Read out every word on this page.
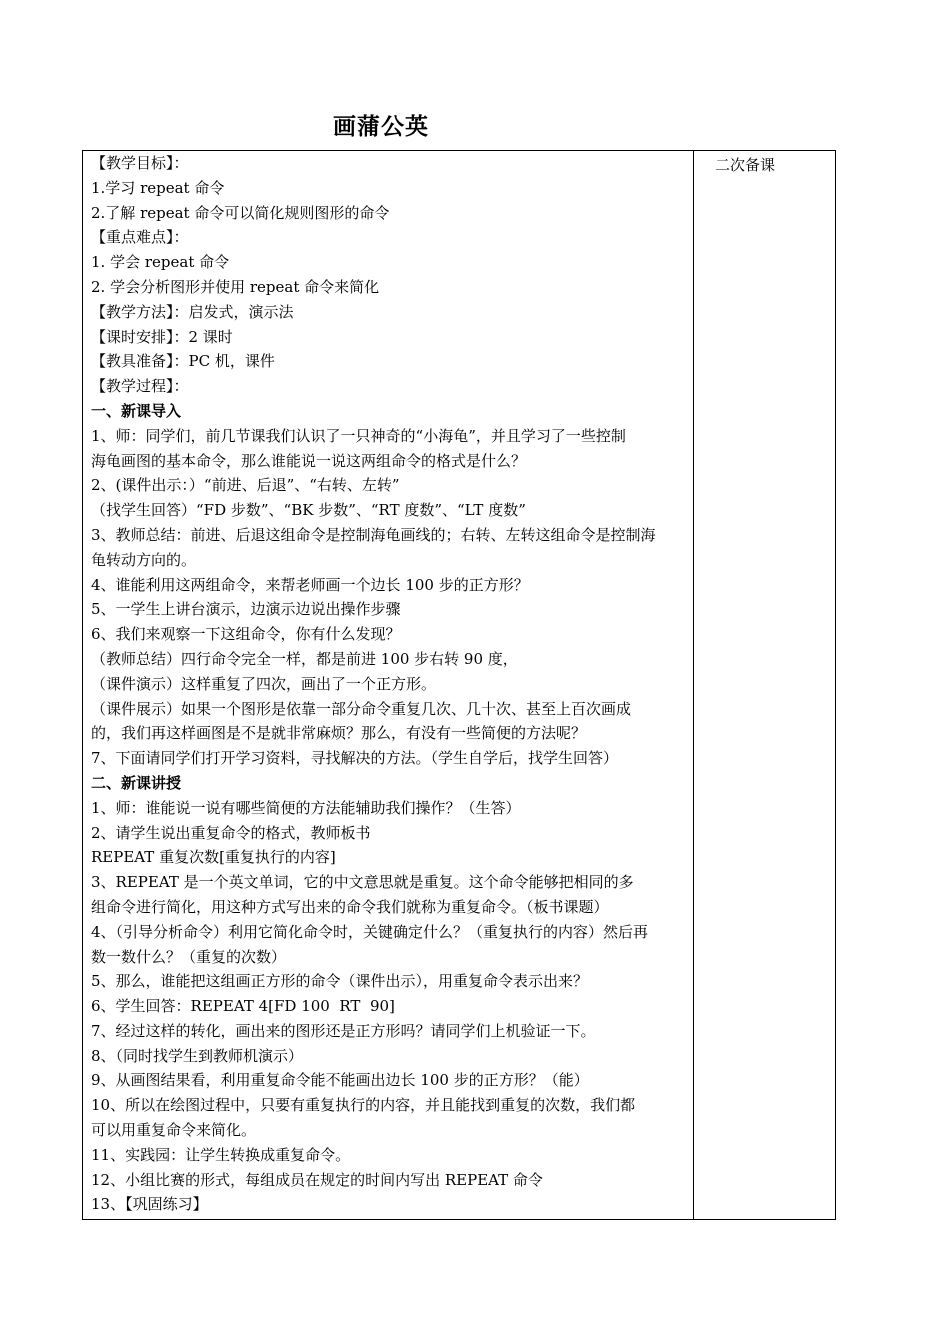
画蒲公英
【教学目标】：
1.学习 repeat 命令
2.了解 repeat 命令可以简化规则图形的命令
【重点难点】：
1. 学会 repeat 命令
2. 学会分析图形并使用 repeat 命令来简化
【教学方法】：启发式，演示法
【课时安排】：2 课时
【教具准备】：PC 机，课件
【教学过程】：
一、新课导入
1、师：同学们，前几节课我们认识了一只神奇的“小海龟”，并且学习了一些控制
海龟画图的基本命令，那么谁能说一说这两组命令的格式是什么？
2、(课件出示：）“前进、后退”、“右转、左转”
（找学生回答）“FD 步数”、“BK 步数”、“RT 度数”、“LT 度数”
3、教师总结：前进、后退这组命令是控制海龟画线的；右转、左转这组命令是控制海
龟转动方向的。
4、谁能利用这两组命令，来帮老师画一个边长 100 步的正方形？
5、一学生上讲台演示，边演示边说出操作步骤
6、我们来观察一下这组命令，你有什么发现？
（教师总结）四行命令完全一样，都是前进 100 步右转 90 度，
（课件演示）这样重复了四次，画出了一个正方形。
（课件展示）如果一个图形是依靠一部分命令重复几次、几十次、甚至上百次画成
的，我们再这样画图是不是就非常麻烦？那么，有没有一些简便的方法呢？
7、下面请同学们打开学习资料，寻找解决的方法。（学生自学后，找学生回答）
二、新课讲授
1、师：谁能说一说有哪些简便的方法能辅助我们操作？（生答）
2、请学生说出重复命令的格式，教师板书
REPEAT 重复次数[重复执行的内容]
3、REPEAT 是一个英文单词，它的中文意思就是重复。这个命令能够把相同的多
组命令进行简化，用这种方式写出来的命令我们就称为重复命令。（板书课题）
4、（引导分析命令）利用它简化命令时，关键确定什么？（重复执行的内容）然后再
数一数什么？（重复的次数）
5、那么，谁能把这组画正方形的命令（课件出示），用重复命令表示出来？
6、学生回答：REPEAT 4[FD 100  RT  90]
7、经过这样的转化，画出来的图形还是正方形吗？请同学们上机验证一下。
8、（同时找学生到教师机演示）
9、从画图结果看，利用重复命令能不能画出边长 100 步的正方形？（能）
10、所以在绘图过程中，只要有重复执行的内容，并且能找到重复的次数，我们都
可以用重复命令来简化。
11、实践园：让学生转换成重复命令。
12、小组比赛的形式，每组成员在规定的时间内写出 REPEAT 命令
13、【巩固练习】
二次备课
